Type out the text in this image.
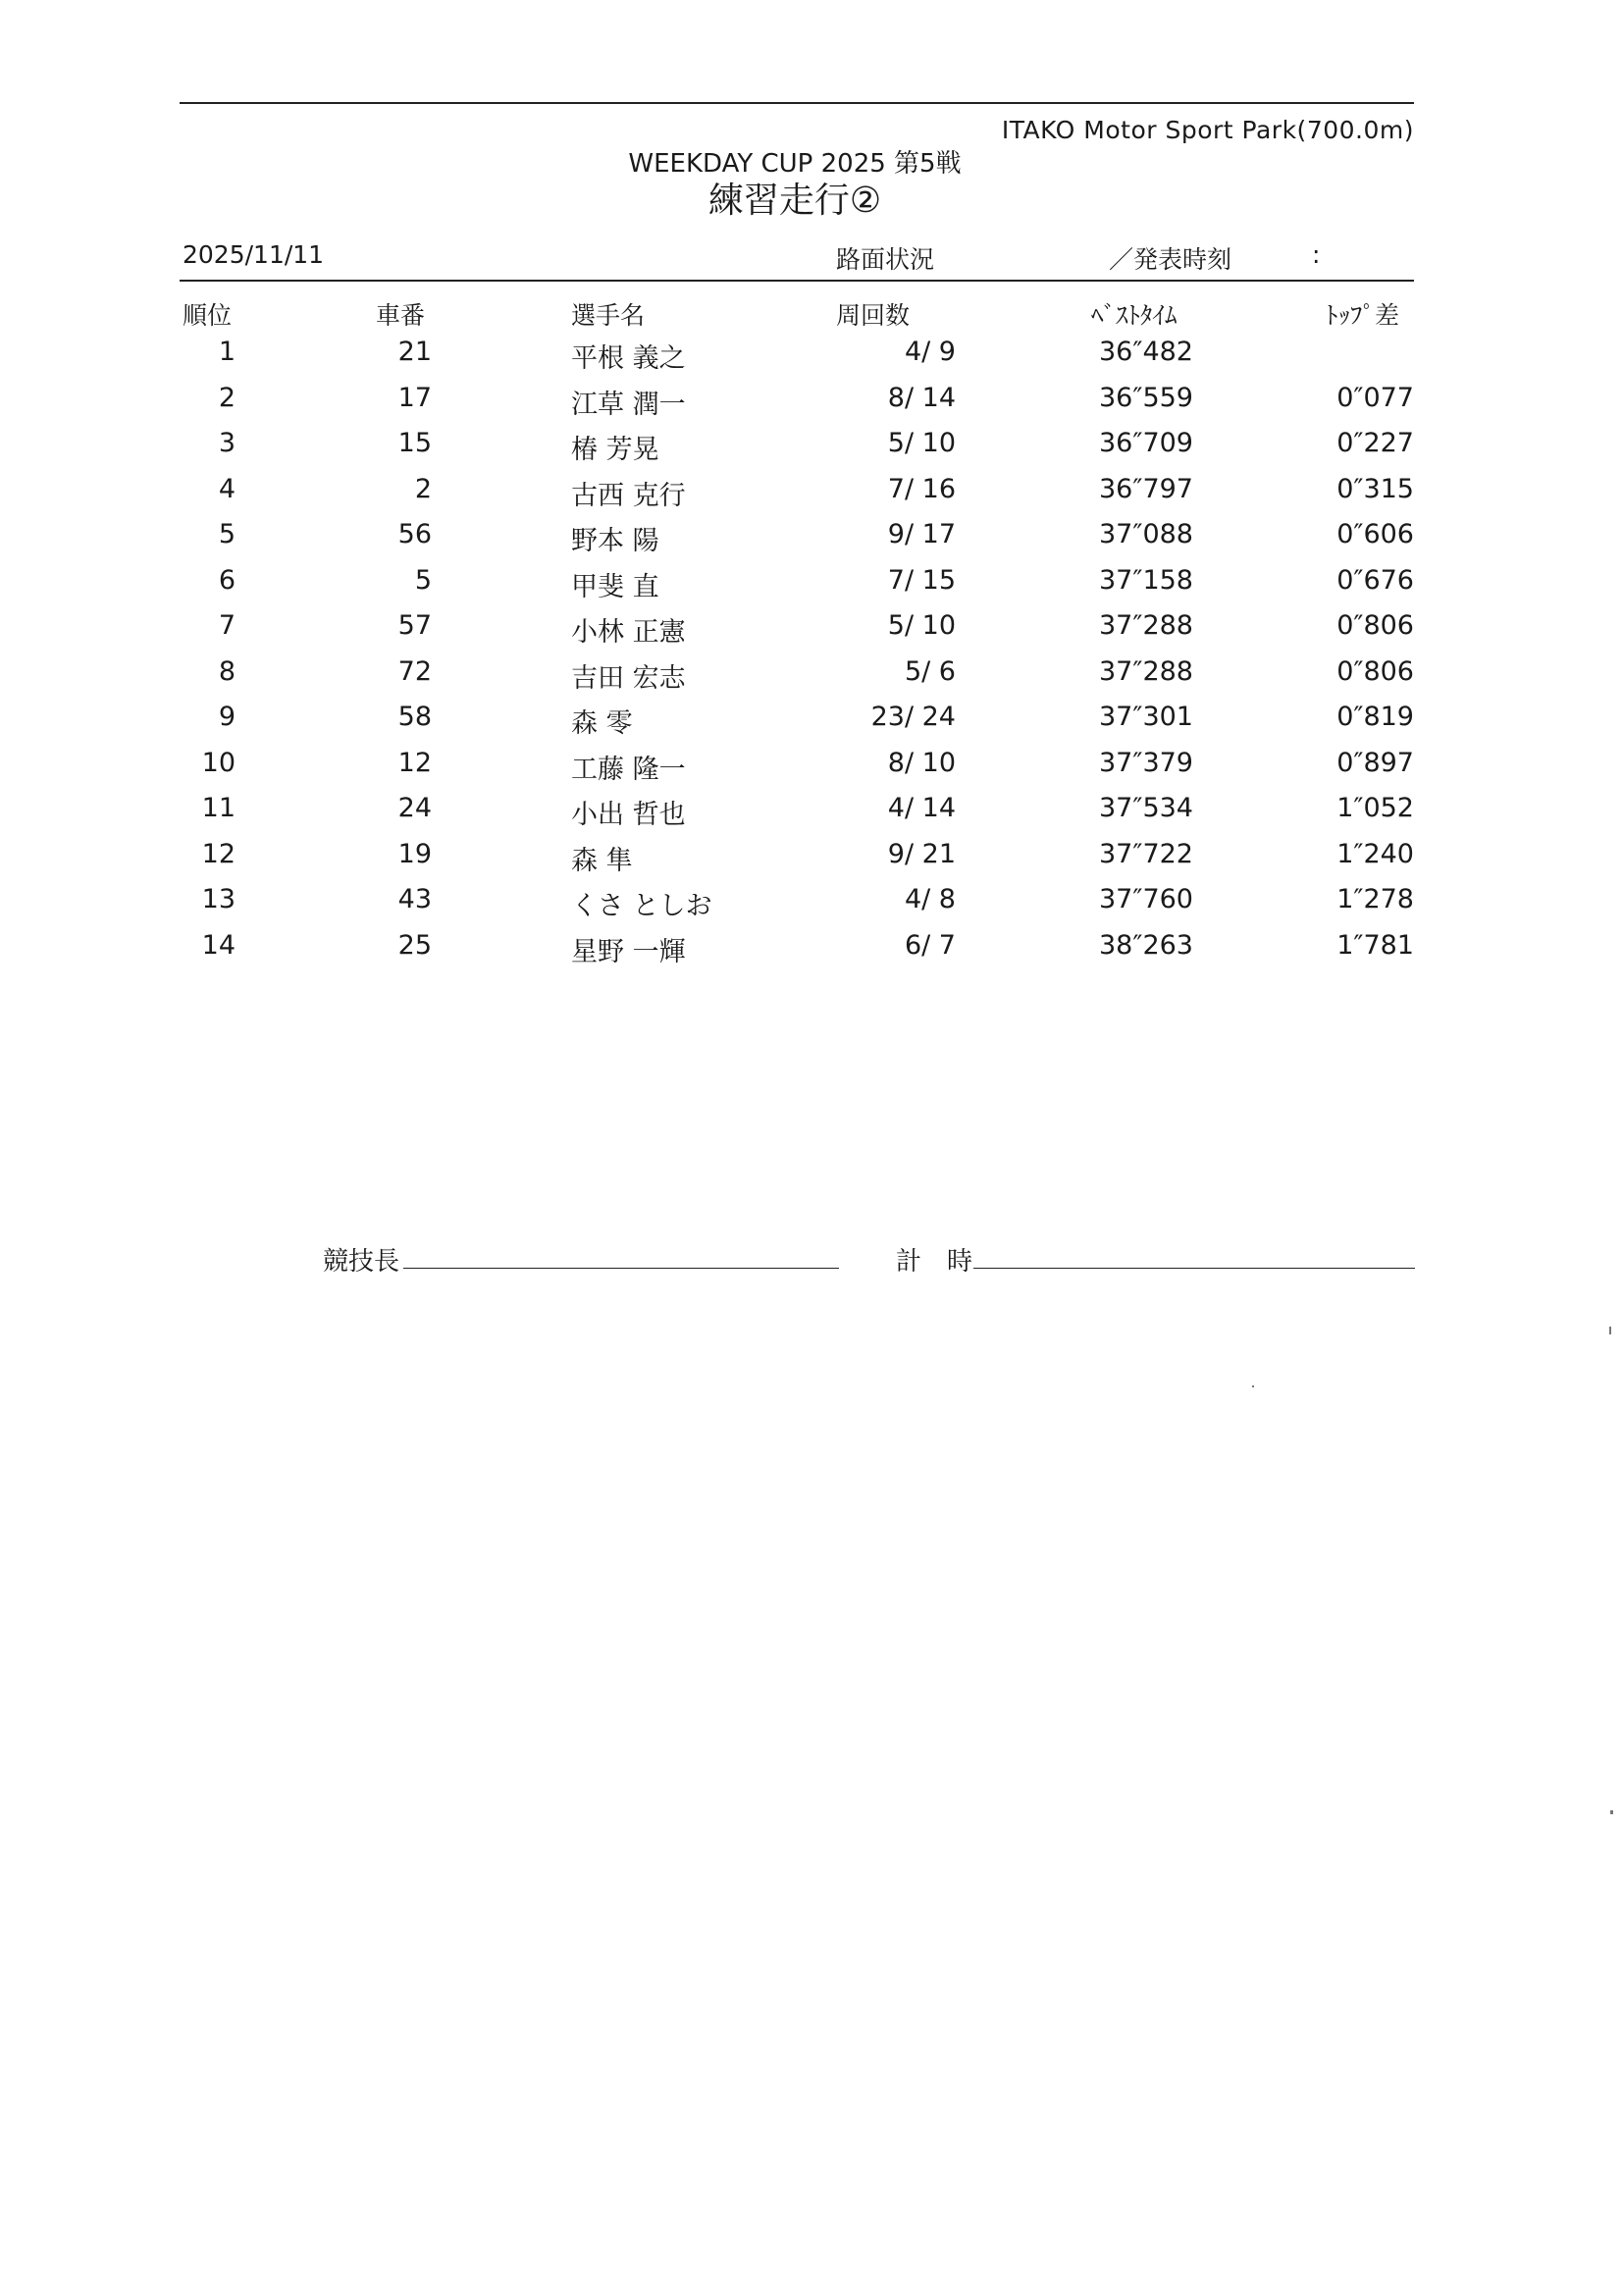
ITAKO Motor Sport Park(700.0m)
WEEKDAY CUP 2025 第5戦
練習走行②
2025/11/11	路面状況	／発表時刻	:
順位	車番	選手名	周回数	ﾍﾞｽﾄﾀｲﾑ	ﾄｯﾌﾟ差
1	21	平根 義之	4/ 9	36″482
2	17	江草 潤一	8/ 14	36″559	0″077
3	15	椿 芳晃	5/ 10	36″709	0″227
4	2	古西 克行	7/ 16	36″797	0″315
5	56	野本 陽	9/ 17	37″088	0″606
6	5	甲斐 直	7/ 15	37″158	0″676
7	57	小林 正憲	5/ 10	37″288	0″806
8	72	吉田 宏志	5/ 6	37″288	0″806
9	58	森 零	23/ 24	37″301	0″819
10	12	工藤 隆一	8/ 10	37″379	0″897
11	24	小出 哲也	4/ 14	37″534	1″052
12	19	森 隼	9/ 21	37″722	1″240
13	43	くさ としお	4/ 8	37″760	1″278
14	25	星野 一輝	6/ 7	38″263	1″781
競技長	計　時
